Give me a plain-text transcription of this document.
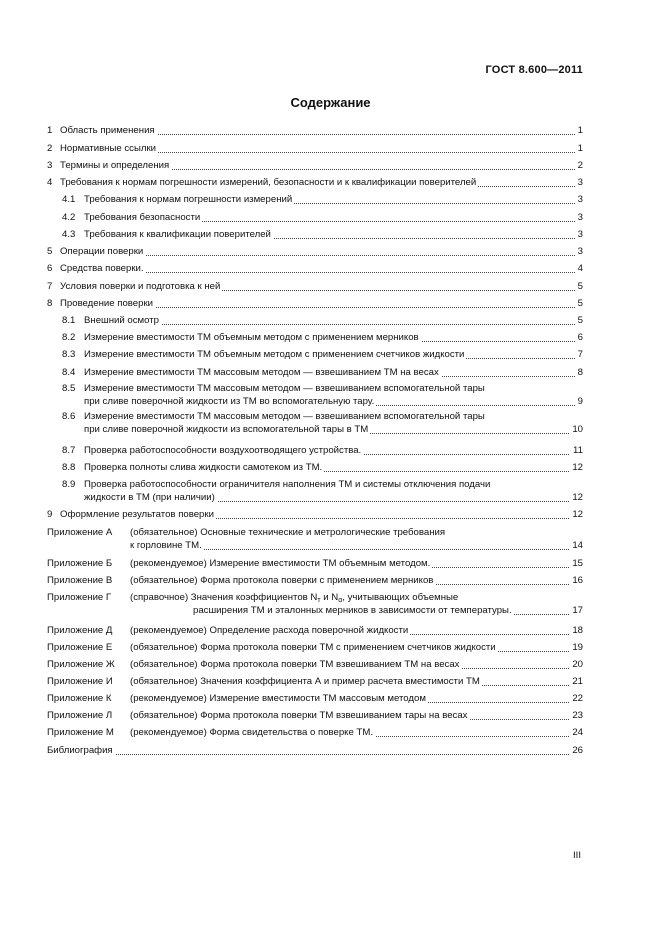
ГОСТ 8.600—2011
Содержание
1 Область применения	1
2 Нормативные ссылки	1
3 Термины и определения	2
4 Требования к нормам погрешности измерений, безопасности и к квалификации поверителей	3
4.1 Требования к нормам погрешности измерений	3
4.2 Требования безопасности	3
4.3 Требования к квалификации поверителей	3
5 Операции поверки	3
6 Средства поверки.	4
7 Условия поверки и подготовка к ней	5
8 Проведение поверки	5
8.1 Внешний осмотр	5
8.2 Измерение вместимости ТМ объемным методом с применением мерников	6
8.3 Измерение вместимости ТМ объемным методом с применением счетчиков жидкости	7
8.4 Измерение вместимости ТМ массовым методом — взвешиванием ТМ на весах	8
8.5 Измерение вместимости ТМ массовым методом — взвешиванием вспомогательной тары
при сливе поверочной жидкости из ТМ во вспомогательную тару.	9
8.6 Измерение вместимости ТМ массовым методом — взвешиванием вспомогательной тары
при сливе поверочной жидкости из вспомогательной тары в ТМ	10
8.7 Проверка работоспособности воздухоотводящего устройства.	11
8.8 Проверка полноты слива жидкости самотеком из ТМ.	12
8.9 Проверка работоспособности ограничителя наполнения ТМ и системы отключения подачи
жидкости в ТМ (при наличии)	12
9 Оформление результатов поверки	12
Приложение А (обязательное) Основные технические и метрологические требования
к горловине ТМ.	14
Приложение Б (рекомендуемое) Измерение вместимости ТМ объемным методом.	15
Приложение В (обязательное) Форма протокола поверки с применением мерников	16
Приложение Г (справочное) Значения коэффициентов $N_т$ и $N_\alpha$, учитывающих объемные
расширения ТМ и эталонных мерников в зависимости от температуры.	17
Приложение Д (рекомендуемое) Определение расхода поверочной жидкости	18
Приложение Е (обязательное) Форма протокола поверки ТМ с применением счетчиков жидкости	19
Приложение Ж (обязательное) Форма протокола поверки ТМ взвешиванием ТМ на весах	20
Приложение И (обязательное) Значения коэффициента А и пример расчета вместимости ТМ	21
Приложение К (рекомендуемое) Измерение вместимости ТМ массовым методом	22
Приложение Л (обязательное) Форма протокола поверки ТМ взвешиванием тары на весах	23
Приложение М (рекомендуемое) Форма свидетельства о поверке ТМ.	24
Библиография	26
III
